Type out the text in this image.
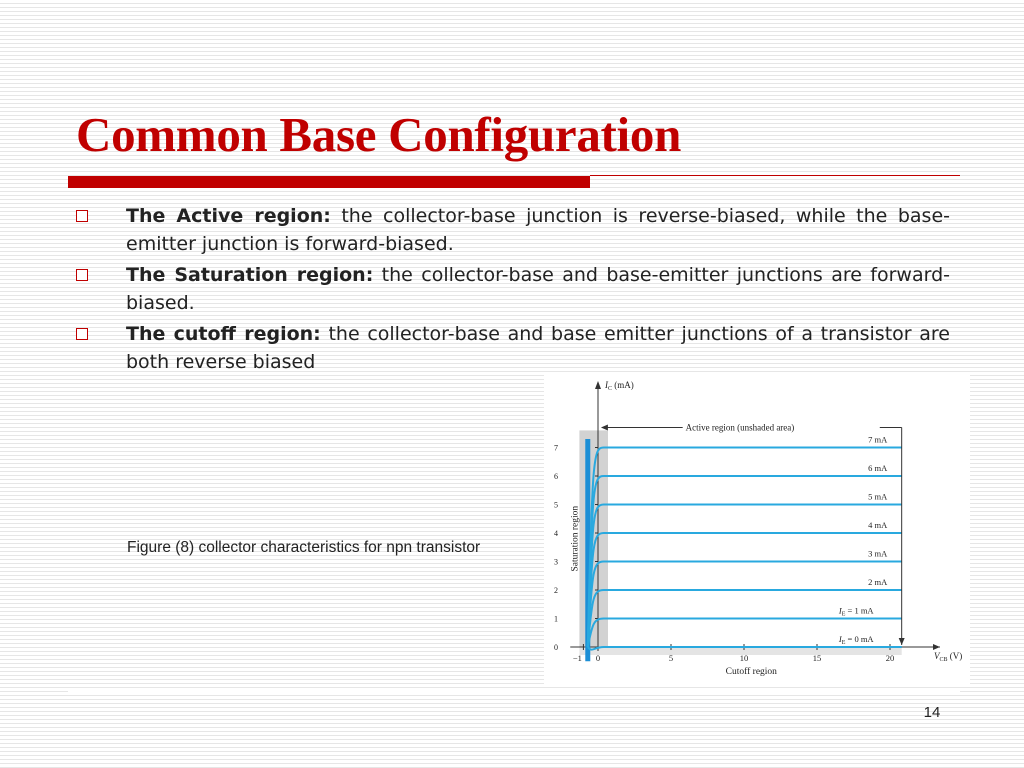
Common Base Configuration
The Active region: the collector-base junction is reverse-biased, while the base-emitter junction is forward-biased.
The Saturation region: the collector-base and base-emitter junctions are forward-biased.
The cutoff region: the collector-base and base emitter junctions of a transistor are both reverse biased
Figure (8) collector characteristics for npn transistor
$I_C$ (mA)
$V_{CB}$ (V)
0
1
2
3
4
5
6
7
−1 0	5	10	15	20
$I_E = 0$ mA
$I_E = 1$ mA
2 mA
3 mA
4 mA
5 mA
6 mA
7 mA
Active region (unshaded area)
Saturation region
Cutoff region
14
